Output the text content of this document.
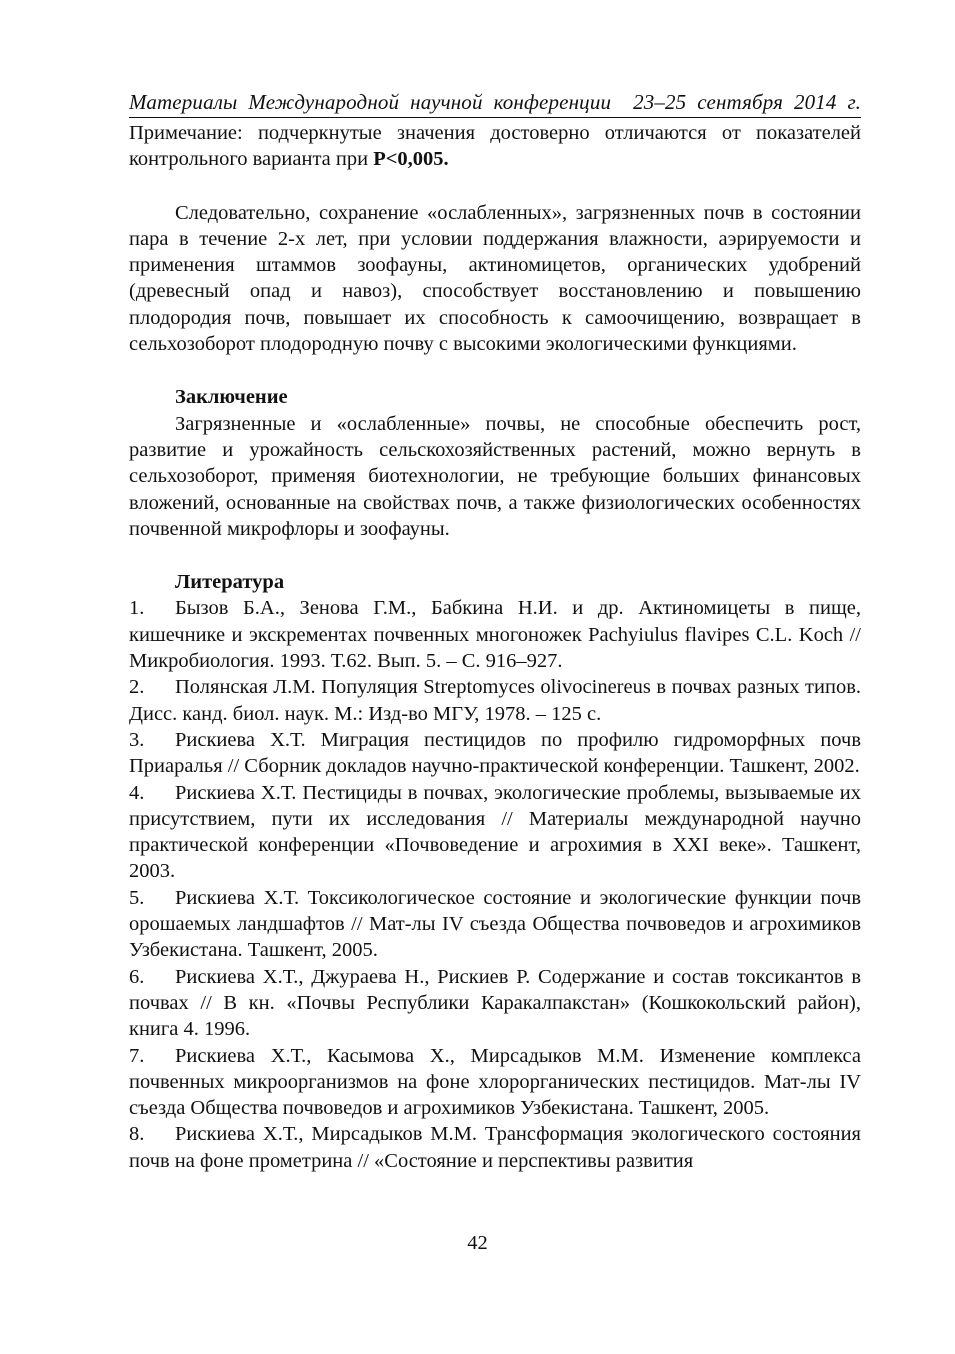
Материалы Международной научной конференции 23–25 сентября 2014 г.

Примечание: подчеркнутые значения достоверно отличаются от показателей контрольного варианта при P<0,005.

Следовательно, сохранение «ослабленных», загрязненных почв в состоянии пара в течение 2-х лет, при условии поддержания влажности, аэрируемости и применения штаммов зоофауны, актиномицетов, органических удобрений (древесный опад и навоз), способствует восстановлению и повышению плодородия почв, повышает их способность к самоочищению, возвращает в сельхозоборот плодородную почву с высокими экологическими функциями.

Заключение

Загрязненные и «ослабленные» почвы, не способные обеспечить рост, развитие и урожайность сельскохозяйственных растений, можно вернуть в сельхозоборот, применяя биотехнологии, не требующие больших финансовых вложений, основанные на свойствах почв, а также физиологических особенностях почвенной микрофлоры и зоофауны.

Литература

1. Бызов Б.А., Зенова Г.М., Бабкина Н.И. и др. Актиномицеты в пище, кишечнике и экскрементах почвенных многоножек Pachyiulus flavipes C.L. Koch // Микробиология. 1993. Т.62. Вып. 5. – С. 916–927.

2. Полянская Л.М. Популяция Streptomyces olivocinereus в почвах разных типов. Дисс. канд. биол. наук. М.: Изд-во МГУ, 1978. – 125 с.

3. Рискиева Х.Т. Миграция пестицидов по профилю гидроморфных почв Приаралья // Сборник докладов научно-практической конференции. Ташкент, 2002.

4. Рискиева Х.Т. Пестициды в почвах, экологические проблемы, вызываемые их присутствием, пути их исследования // Материалы международной научно практической конференции «Почвоведение и агрохимия в XXI веке». Ташкент, 2003.

5. Рискиева Х.Т. Токсикологическое состояние и экологические функции почв орошаемых ландшафтов // Мат-лы IV съезда Общества почвоведов и агрохимиков Узбекистана. Ташкент, 2005.

6. Рискиева Х.Т., Джураева Н., Рискиев Р. Содержание и состав токсикантов в почвах // В кн. «Почвы Республики Каракалпакстан» (Кошкокольский район), книга 4. 1996.

7. Рискиева Х.Т., Касымова Х., Мирсадыков М.М. Изменение комплекса почвенных микроорганизмов на фоне хлорорганических пестицидов. Мат-лы IV съезда Общества почвоведов и агрохимиков Узбекистана. Ташкент, 2005.

8. Рискиева Х.Т., Мирсадыков М.М. Трансформация экологического состояния почв на фоне прометрина // «Состояние и перспективы развития

42
